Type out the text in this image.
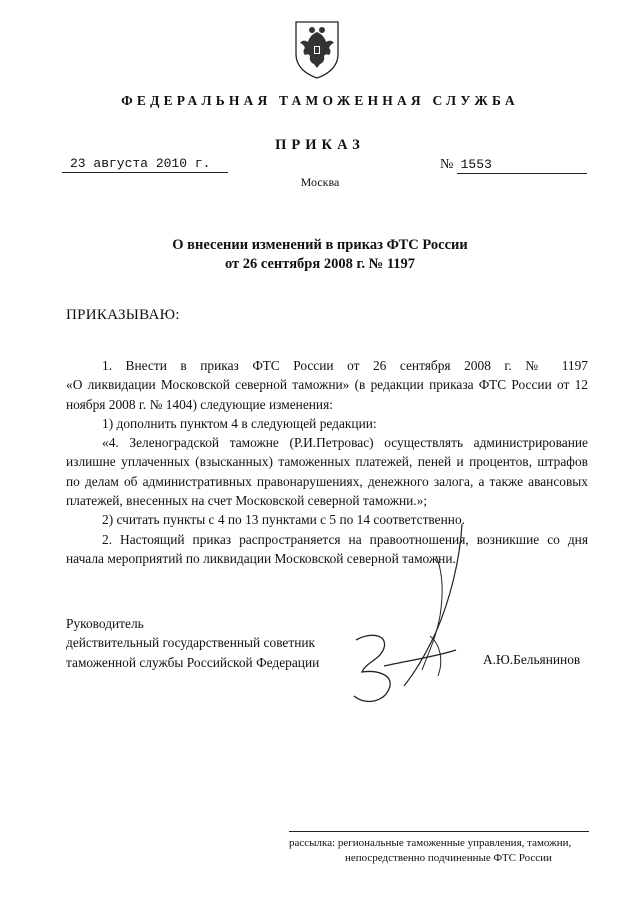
ФЕДЕРАЛЬНАЯ ТАМОЖЕННАЯ СЛУЖБА
ПРИКАЗ
23 августа 2010 г.	№ 1553
Москва
О внесении изменений в приказ ФТС России
от 26 сентября 2008 г. № 1197
ПРИКАЗЫВАЮ:

1. Внести в приказ ФТС России от 26 сентября 2008 г. № 1197

«О ликвидации Московской северной таможни» (в редакции приказа ФТС России от 12 ноября 2008 г. № 1404) следующие изменения:

1) дополнить пунктом 4 в следующей редакции:

«4. Зеленоградской таможне (Р.И.Петровас) осуществлять администрирование излишне уплаченных (взысканных) таможенных платежей, пеней и процентов, штрафов по делам об административных правонарушениях, денежного залога, а также авансовых платежей, внесенных на счет Московской северной таможни.»;

2) считать пункты с 4 по 13 пунктами с 5 по 14 соответственно.

2. Настоящий приказ распространяется на правоотношения, возникшие со дня начала мероприятий по ликвидации Московской северной таможни.

Руководитель
действительный государственный советник
таможенной службы Российской Федерации	А.Ю.Бельянинов
рассылка: региональные таможенные управления, таможни,
непосредственно подчиненные ФТС России
